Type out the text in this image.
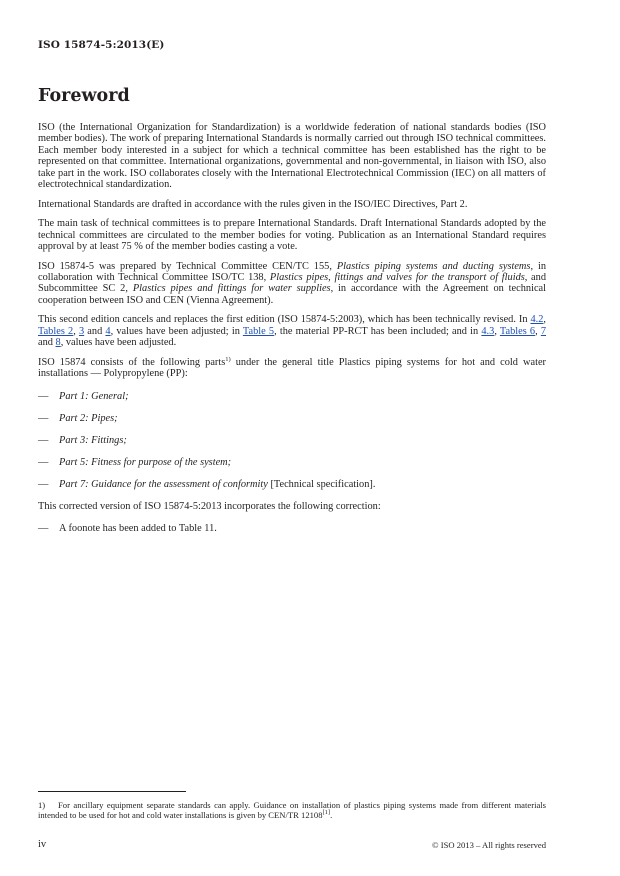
ISO 15874-5:2013(E)
Foreword

ISO (the International Organization for Standardization) is a worldwide federation of national standards bodies (ISO member bodies). The work of preparing International Standards is normally carried out through ISO technical committees. Each member body interested in a subject for which a technical committee has been established has the right to be represented on that committee. International organizations, governmental and non-governmental, in liaison with ISO, also take part in the work. ISO collaborates closely with the International Electrotechnical Commission (IEC) on all matters of electrotechnical standardization.

International Standards are drafted in accordance with the rules given in the ISO/IEC Directives, Part 2.

The main task of technical committees is to prepare International Standards. Draft International Standards adopted by the technical committees are circulated to the member bodies for voting. Publication as an International Standard requires approval by at least 75 % of the member bodies casting a vote.

ISO 15874-5 was prepared by Technical Committee CEN/TC 155, Plastics piping systems and ducting systems, in collaboration with Technical Committee ISO/TC 138, Plastics pipes, fittings and valves for the transport of fluids, and Subcommittee SC 2, Plastics pipes and fittings for water supplies, in accordance with the Agreement on technical cooperation between ISO and CEN (Vienna Agreement).

This second edition cancels and replaces the first edition (ISO 15874-5:2003), which has been technically revised. In 4.2, Tables 2, 3 and 4, values have been adjusted; in Table 5, the material PP-RCT has been included; and in 4.3, Tables 6, 7 and 8, values have been adjusted.

ISO 15874 consists of the following parts$^{1)}$ under the general title Plastics piping systems for hot and cold water installations — Polypropylene (PP):

— Part 1: General;
— Part 2: Pipes;
— Part 3: Fittings;
— Part 5: Fitness for purpose of the system;
— Part 7: Guidance for the assessment of conformity [Technical specification].

This corrected version of ISO 15874-5:2013 incorporates the following correction:

— A foonote has been added to Table 11.
1) For ancillary equipment separate standards can apply. Guidance on installation of plastics piping systems made from different materials intended to be used for hot and cold water installations is given by CEN/TR 12108[1].
iv	© ISO 2013 – All rights reserved
